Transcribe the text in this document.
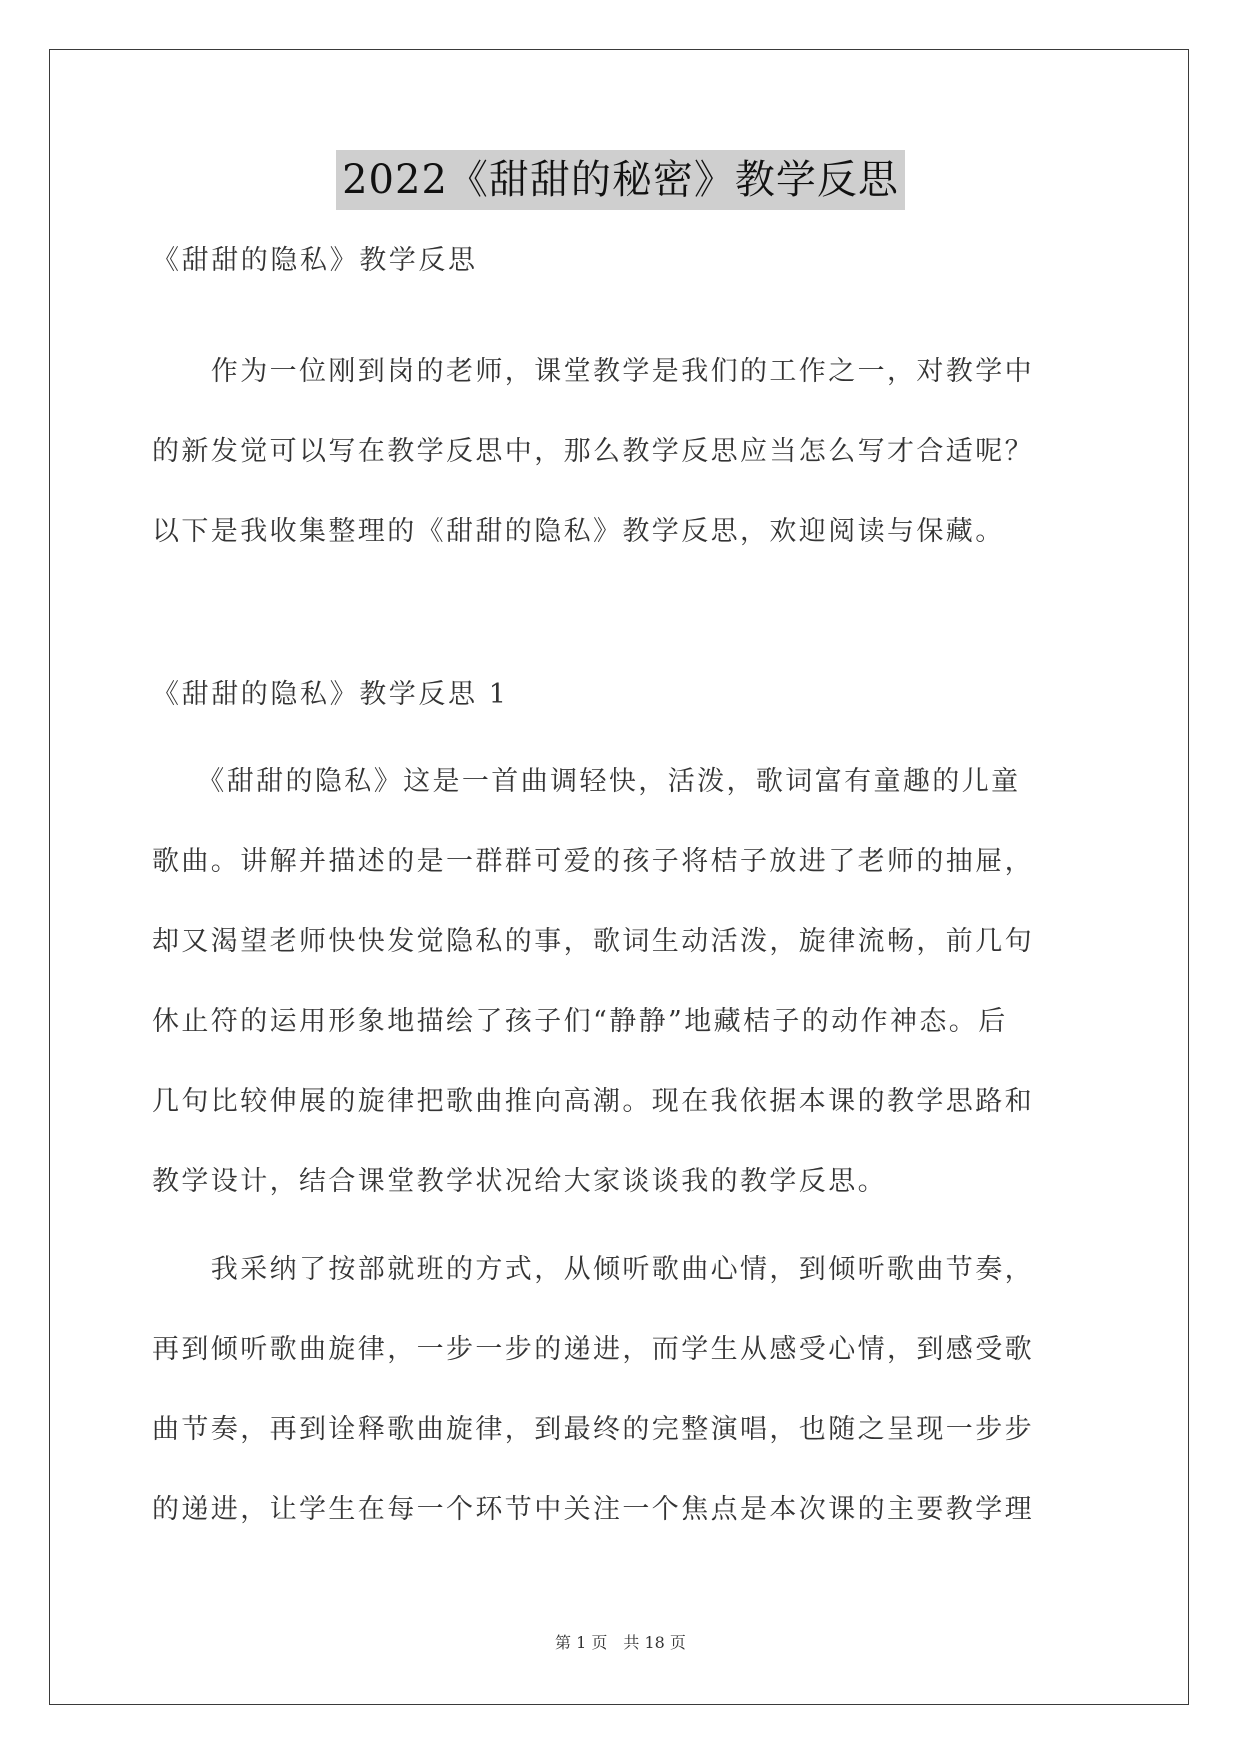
2022《甜甜的秘密》教学反思
《甜甜的隐私》教学反思
　　作为一位刚到岗的老师，课堂教学是我们的工作之一，对教学中
的新发觉可以写在教学反思中，那么教学反思应当怎么写才合适呢？
以下是我收集整理的《甜甜的隐私》教学反思，欢迎阅读与保藏。
《甜甜的隐私》教学反思 1
　　《甜甜的隐私》这是一首曲调轻快，活泼，歌词富有童趣的儿童
歌曲。讲解并描述的是一群群可爱的孩子将桔子放进了老师的抽屉，
却又渴望老师快快发觉隐私的事，歌词生动活泼，旋律流畅，前几句
休止符的运用形象地描绘了孩子们“静静”地藏桔子的动作神态。后
几句比较伸展的旋律把歌曲推向高潮。现在我依据本课的教学思路和
教学设计，结合课堂教学状况给大家谈谈我的教学反思。
　　我采纳了按部就班的方式，从倾听歌曲心情，到倾听歌曲节奏，
再到倾听歌曲旋律，一步一步的递进，而学生从感受心情，到感受歌
曲节奏，再到诠释歌曲旋律，到最终的完整演唱，也随之呈现一步步
的递进，让学生在每一个环节中关注一个焦点是本次课的主要教学理
第 1 页　共 18 页
